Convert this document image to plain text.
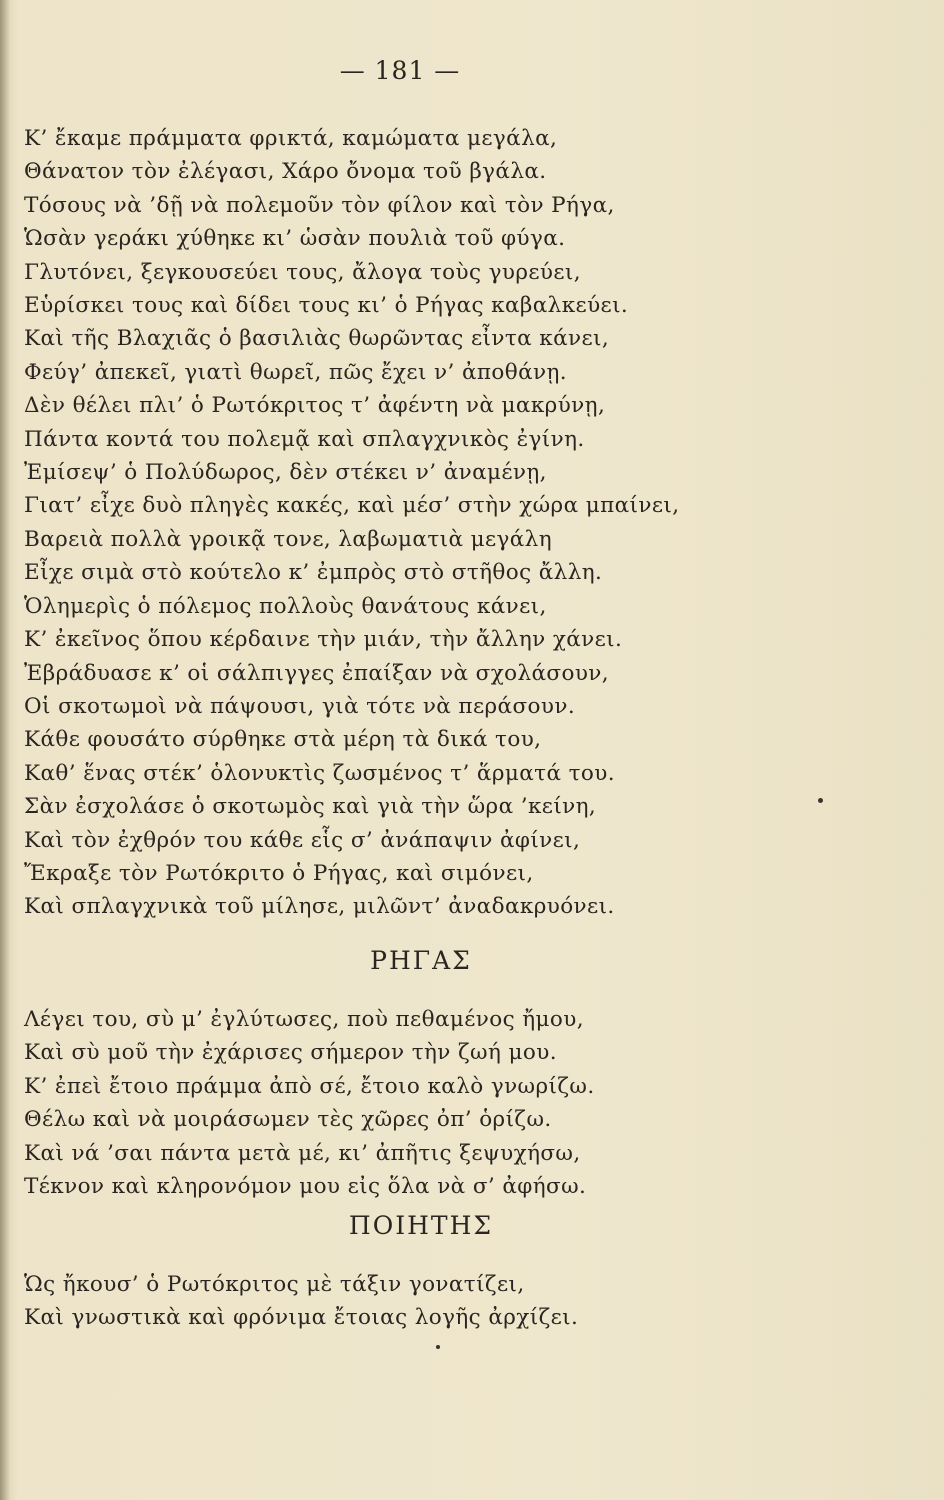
— 181 —
Κ’ ἔκαμε πράμματα φρικτά, καμώματα μεγάλα,
Θάνατον τὸν ἐλέγασι, Χάρο ὄνομα τοῦ βγάλα.
Τόσους νὰ ’δῇ νὰ πολεμοῦν τὸν φίλον καὶ τὸν Ρήγα,
Ὡσὰν γεράκι χύθηκε κι’ ὡσὰν πουλιὰ τοῦ φύγα.
Γλυτόνει, ξεγκουσεύει τους, ἄλογα τοὺς γυρεύει,
Εὑρίσκει τους καὶ δίδει τους κι’ ὁ Ρήγας καβαλκεύει.
Καὶ τῆς Βλαχιᾶς ὁ βασιλιὰς θωρῶντας εἶντα κάνει,
Φεύγ’ ἀπεκεῖ, γιατὶ θωρεῖ, πῶς ἔχει ν’ ἀποθάνῃ.
Δὲν θέλει πλι’ ὁ Ρωτόκριτος τ’ ἀφέντη νὰ μακρύνῃ,
Πάντα κοντά του πολεμᾷ καὶ σπλαγχνικὸς ἐγίνη.
Ἐμίσεψ’ ὁ Πολύδωρος, δὲν στέκει ν’ ἀναμένῃ,
Γιατ’ εἶχε δυὸ πληγὲς κακές, καὶ μέσ’ στὴν χώρα μπαίνει,
Βαρειὰ πολλὰ γροικᾷ τονε, λαβωματιὰ μεγάλη
Εἶχε σιμὰ στὸ κούτελο κ’ ἐμπρὸς στὸ στῆθος ἄλλη.
Ὁλημερὶς ὁ πόλεμος πολλοὺς θανάτους κάνει,
Κ’ ἐκεῖνος ὅπου κέρδαινε τὴν μιάν, τὴν ἄλλην χάνει.
Ἐβράδυασε κ’ οἱ σάλπιγγες ἐπαίξαν νὰ σχολάσουν,
Οἱ σκοτωμοὶ νὰ πάψουσι, γιὰ τότε νὰ περάσουν.
Κάθε φουσάτο σύρθηκε στὰ μέρη τὰ δικά του,
Καθ’ ἕνας στέκ’ ὁλονυκτὶς ζωσμένος τ’ ἅρματά του.
Σὰν ἐσχολάσε ὁ σκοτωμὸς καὶ γιὰ τὴν ὥρα ’κείνη,
Καὶ τὸν ἐχθρόν του κάθε εἷς σ’ ἀνάπαψιν ἀφίνει,
Ἔκραξε τὸν Ρωτόκριτο ὁ Ρήγας, καὶ σιμόνει,
Καὶ σπλαγχνικὰ τοῦ μίλησε, μιλῶντ’ ἀναδακρυόνει.
ΡΗΓΑΣ
Λέγει του, σὺ μ’ ἐγλύτωσες, ποὺ πεθαμένος ἤμου,
Καὶ σὺ μοῦ τὴν ἐχάρισες σήμερον τὴν ζωή μου.
Κ’ ἐπεὶ ἔτοιο πράμμα ἀπὸ σέ, ἔτοιο καλὸ γνωρίζω.
Θέλω καὶ νὰ μοιράσωμεν τὲς χῶρες ὀπ’ ὁρίζω.
Καὶ νά ’σαι πάντα μετὰ μέ, κι’ ἀπῆτις ξεψυχήσω,
Τέκνον καὶ κληρονόμον μου εἰς ὅλα νὰ σ’ ἀφήσω.
ΠΟΙΗΤΗΣ
Ὡς ἤκουσ’ ὁ Ρωτόκριτος μὲ τάξιν γονατίζει,
Καὶ γνωστικὰ καὶ φρόνιμα ἔτοιας λογῆς ἀρχίζει.
